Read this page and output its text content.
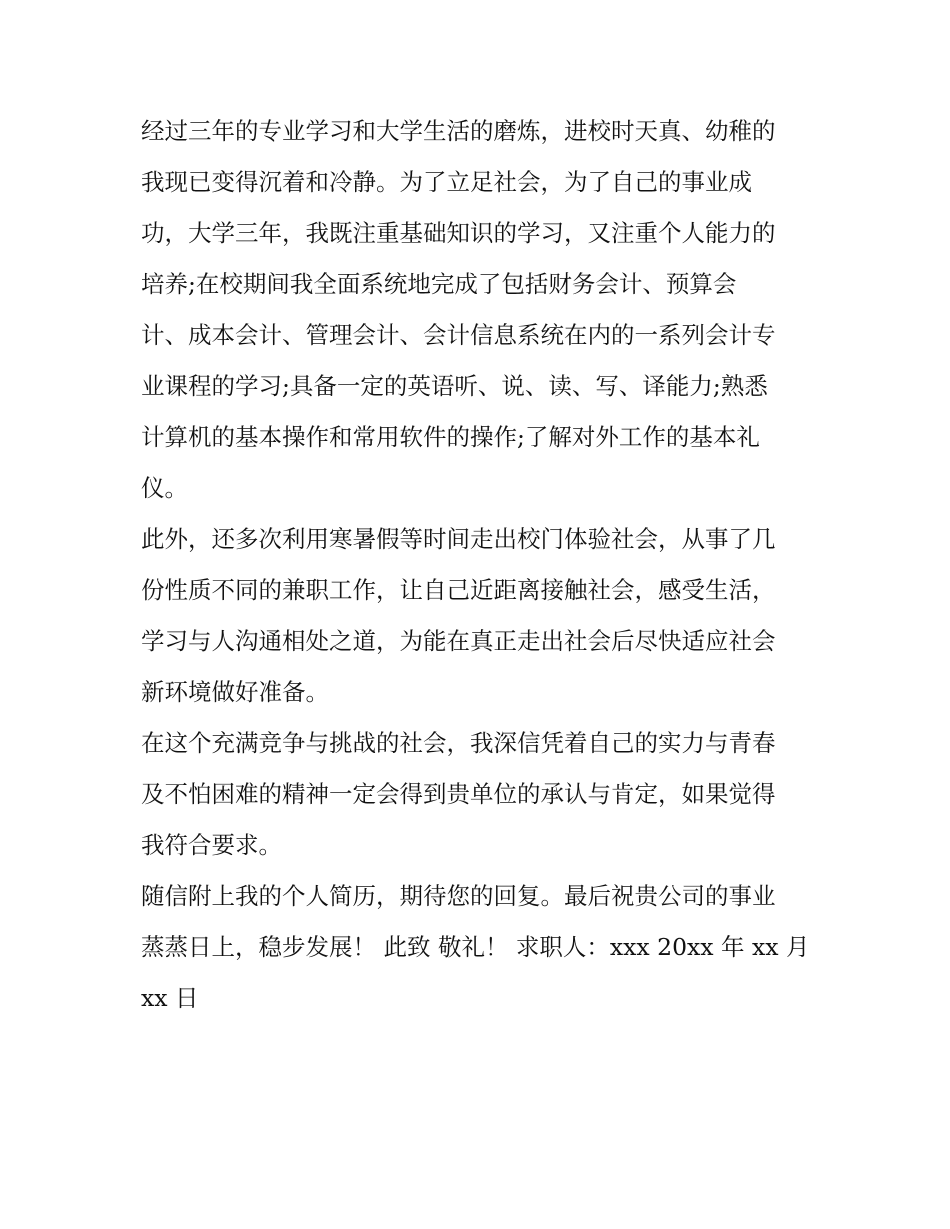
经过三年的专业学习和大学生活的磨炼，进校时天真、幼稚的
我现已变得沉着和冷静。为了立足社会，为了自己的事业成
功，大学三年，我既注重基础知识的学习，又注重个人能力的
培养;在校期间我全面系统地完成了包括财务会计、预算会
计、成本会计、管理会计、会计信息系统在内的一系列会计专
业课程的学习;具备一定的英语听、说、读、写、译能力;熟悉
计算机的基本操作和常用软件的操作;了解对外工作的基本礼
仪。
此外，还多次利用寒暑假等时间走出校门体验社会，从事了几
份性质不同的兼职工作，让自己近距离接触社会，感受生活，
学习与人沟通相处之道，为能在真正走出社会后尽快适应社会
新环境做好准备。
在这个充满竞争与挑战的社会，我深信凭着自己的实力与青春
及不怕困难的精神一定会得到贵单位的承认与肯定，如果觉得
我符合要求。
随信附上我的个人简历，期待您的回复。最后祝贵公司的事业
蒸蒸日上，稳步发展！ 此致 敬礼！ 求职人：xxx 20xx 年 xx 月
xx 日
